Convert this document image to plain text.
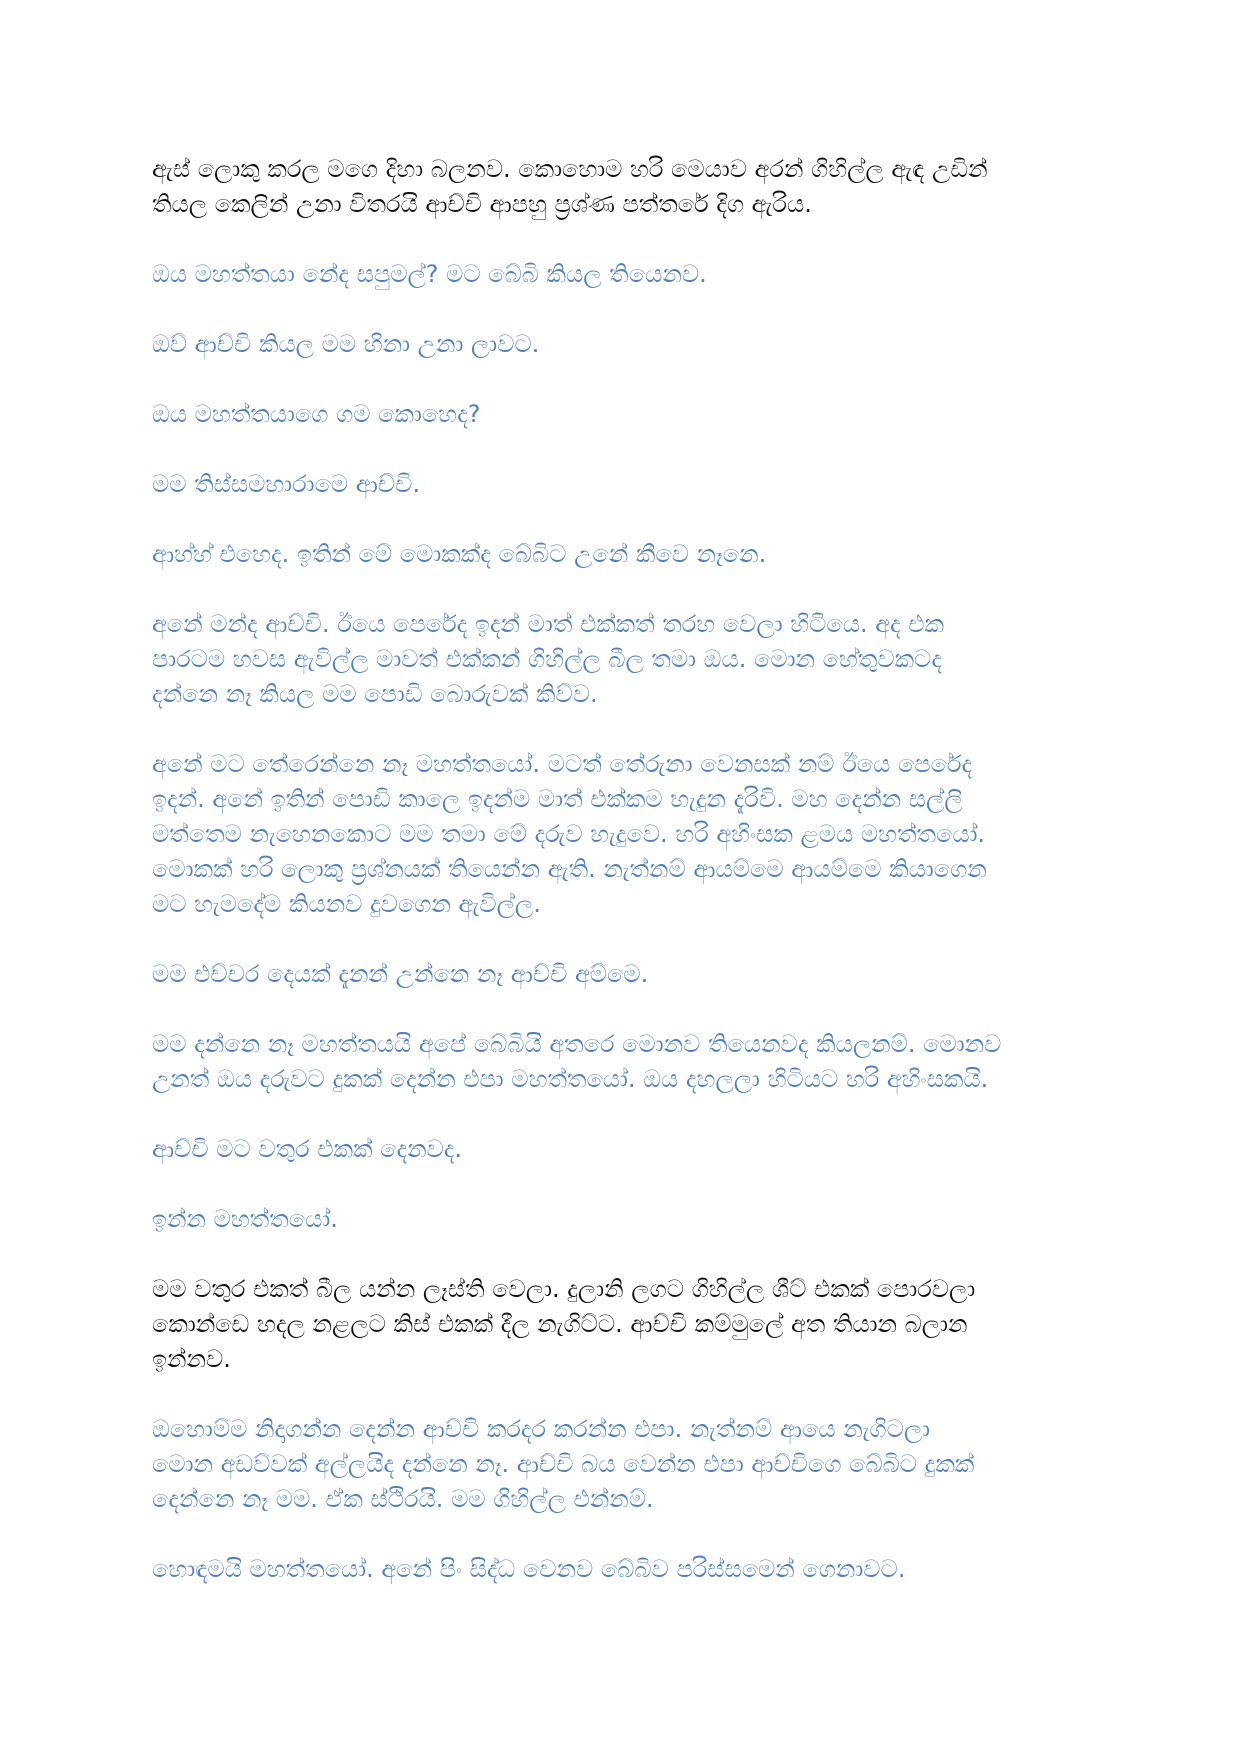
ඇස් ලොකු කරල මගෙ දිහා බලනව. කොහොම හරි මෙයාව අරන් ගිහිල්ල ඇඳ උඩින්
තියල කෙලින් උනා විතරයි ආච්චි ආපහු ප්‍රශ්ණ පත්තරේ දිග ඇරිය.

ඔය මහත්තයා නේද සපුමල්? මට බේබි කියල තියෙනව.

ඔව් ආච්චි කියල මම හිනා උනා ලාවට.

ඔය මහත්තයාගෙ ගම කොහෙද?

මම තිස්සමහාරාමෙ ආච්චි.

ආහ්හ් එහෙද. ඉතින් මේ මොකක්ද බේබිට උනේ කීවෙ නෑනෙ.

අනේ මන්ද ආච්චි. ඊයෙ පෙරේද ඉදන් මාත් එක්කත් තරහ වෙලා හිටියෙ. අද එක
පාරටම හවස ඇවිල්ල මාවත් එක්කන් ගිහිල්ල බීල තමා ඔය. මොන හේතුවකටද
දන්නෙ නෑ කියල මම පොඩි බොරුවක් කිව්ව.

අනේ මට තේරෙන්නෙ නෑ මහත්තයෝ. මටත් තේරුනා වෙනසක් නම් ඊයෙ පෙරේද
ඉදන්. අනේ ඉතින් පොඩි කාලෙ ඉදන්ම මාත් එක්කම හැදුන දැරිවි. මහ දෙන්න සල්ලි
මත්තෙම නැහෙනකොට මම තමා මේ දරුව හැදුවෙ. හරි අහිංසක ළමය මහත්තයෝ.
මොකක් හරි ලොකු ප්‍රශ්නයක් තියෙන්න ඇති. නැත්නම් ආයම්මෙ ආයම්මෙ කියාගෙන
මට හැමදේම කියනව දුවගෙන ඇවිල්ල.

මම එච්චර දෙයක් දැනන් උන්නෙ නෑ ආච්චි අම්මෙ.

මම දන්නෙ නෑ මහත්තයයි අපේ බේබියි අතරෙ මොනව තියෙනවද කියලනම්. මොනව
උනත් ඔය දරුවට දුකක් දෙන්න එපා මහත්තයෝ. ඔය දහලලා හිටියට හරි අහිංසකයි.

ආච්චි මට වතුර එකක් දෙනවද.

ඉන්න මහත්තයෝ.

මම වතුර එකත් බීල යන්න ලෑස්ති වෙලා. දුලානි ලගට ගිහිල්ල ශීට් එකක් පොරවලා
කොන්ඩෙ හදල නළලට කිස් එකක් දීල නැගිට්ට. ආච්චි කම්මුලේ අත තියාන බලාන
ඉන්නව.

ඔහොම්ම නිදාගන්න දෙන්න ආච්චි කරදර කරන්න එපා. නැත්නම් ආයෙ නැගිටලා
මොන අඩව්වක් අල්ලයිද දන්නෙ නෑ. ආච්චි බය වෙන්න එපා ආච්චිගෙ බේබිට දුකක්
දෙන්නෙ නෑ මම. ඒක ස්ථිරයි. මම ගිහිල්ල එන්නම්.

හොඳමයි මහත්තයෝ. අනේ පිං සිද්ධ වෙනව බේබිව පරිස්සමෙන් ගෙනාවට.
